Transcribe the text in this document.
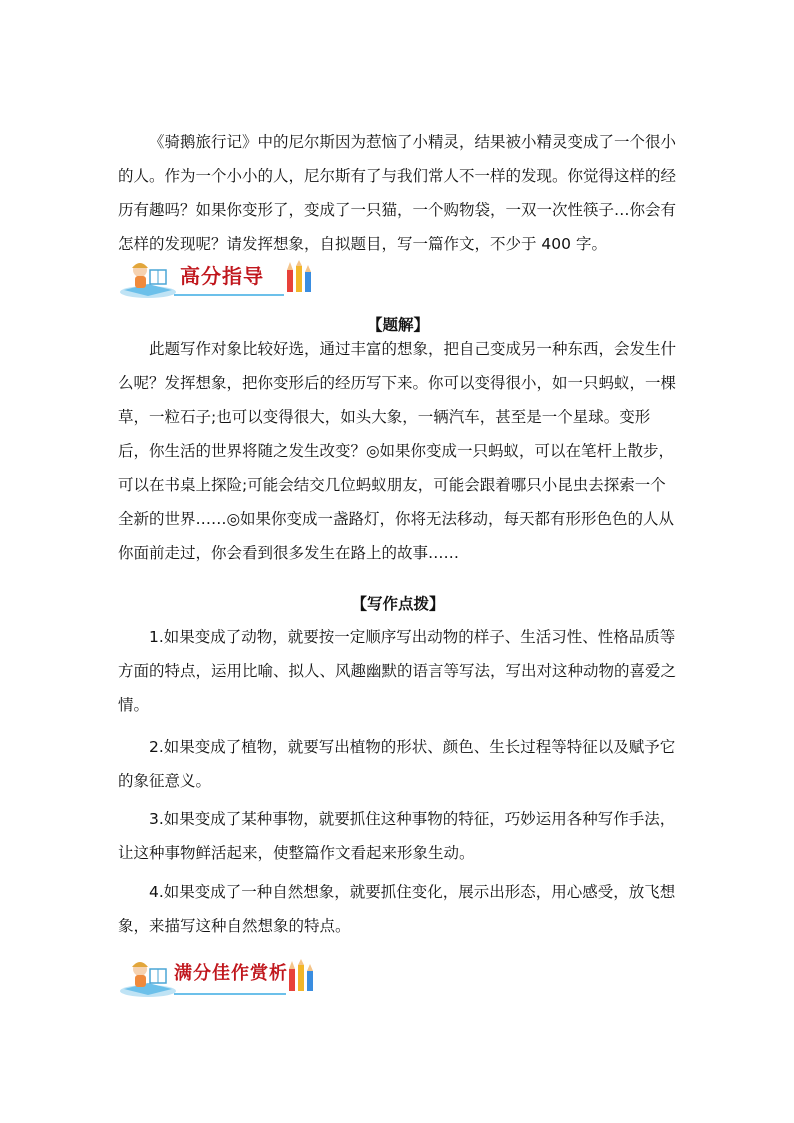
《骑鹅旅行记》中的尼尔斯因为惹恼了小精灵，结果被小精灵变成了一个很小的人。作为一个小小的人，尼尔斯有了与我们常人不一样的发现。你觉得这样的经历有趣吗？如果你变形了，变成了一只猫，一个购物袋，一双一次性筷子…你会有怎样的发现呢？请发挥想象，自拟题目，写一篇作文，不少于 400 字。

高分指导
【题解】

此题写作对象比较好选，通过丰富的想象，把自己变成另一种东西，会发生什么呢？发挥想象，把你变形后的经历写下来。你可以变得很小，如一只蚂蚁，一棵草，一粒石子;也可以变得很大，如头大象，一辆汽车，甚至是一个星球。变形后，你生活的世界将随之发生改变？◎如果你变成一只蚂蚁，可以在笔杆上散步，可以在书桌上探险;可能会结交几位蚂蚁朋友，可能会跟着哪只小昆虫去探索一个全新的世界……◎如果你变成一盏路灯，你将无法移动，每天都有形形色色的人从你面前走过，你会看到很多发生在路上的故事……

【写作点拨】

1.如果变成了动物，就要按一定顺序写出动物的样子、生活习性、性格品质等方面的特点，运用比喻、拟人、风趣幽默的语言等写法，写出对这种动物的喜爱之情。

2.如果变成了植物，就要写出植物的形状、颜色、生长过程等特征以及赋予它的象征意义。

3.如果变成了某种事物，就要抓住这种事物的特征，巧妙运用各种写作手法，让这种事物鲜活起来，使整篇作文看起来形象生动。

4.如果变成了一种自然想象，就要抓住变化，展示出形态，用心感受，放飞想象，来描写这种自然想象的特点。

满分佳作赏析
